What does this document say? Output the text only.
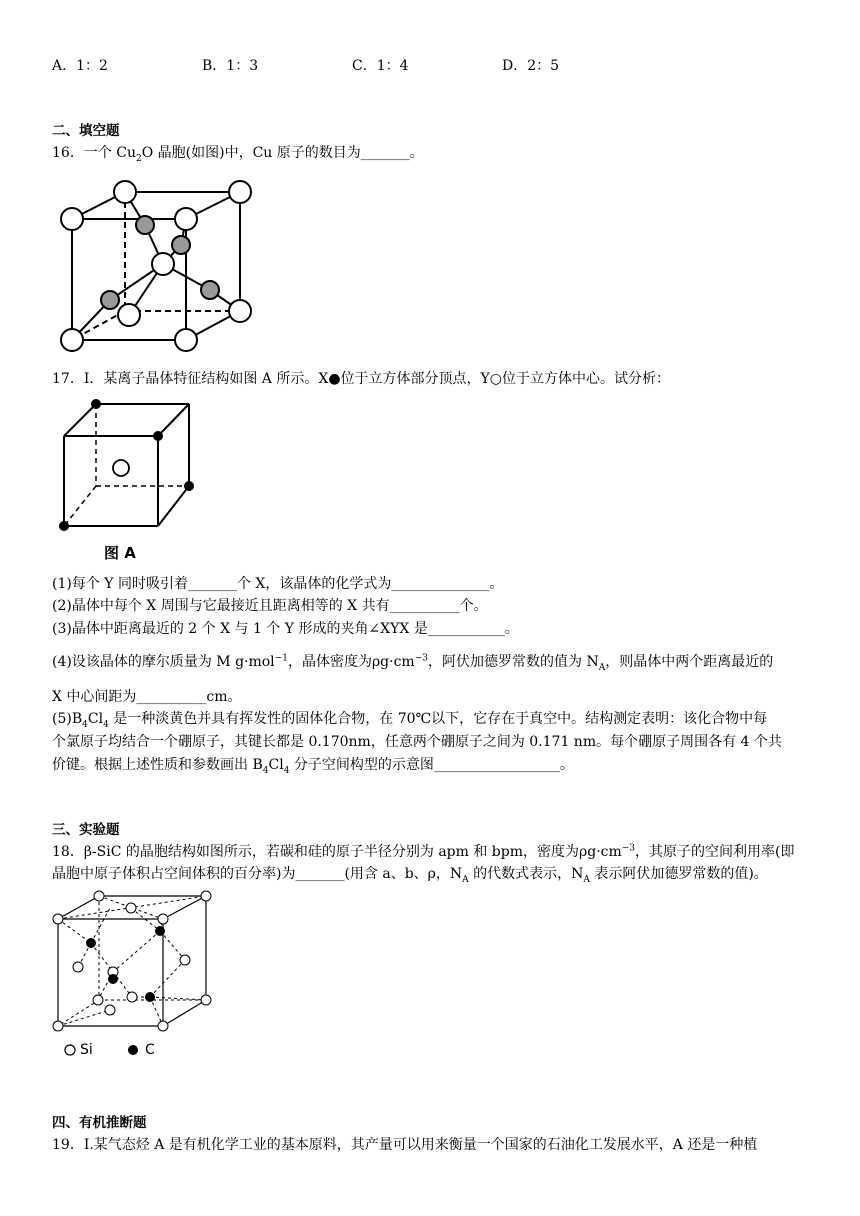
A．1：2	B．1：3	C．1：4	D．2：5
二、填空题
16．一个 $Cu_2O$ 晶胞(如图)中，Cu 原子的数目为_______。
17．I．某离子晶体特征结构如图 A 所示。X●位于立方体部分顶点，Y○位于立方体中心。试分析：
图 A
(1)每个 Y 同时吸引着_______个 X，该晶体的化学式为______________。
(2)晶体中每个 X 周围与它最接近且距离相等的 X 共有__________个。
(3)晶体中距离最近的 2 个 X 与 1 个 Y 形成的夹角∠XYX 是___________。
(4)设该晶体的摩尔质量为 M g·mol$^{-1}$，晶体密度为$\rho g\cdot cm^{-3}$，阿伏加德罗常数的值为 $N_A$，则晶体中两个距离最近的
X 中心间距为__________cm。
$(5)B_4Cl_4$ 是一种淡黄色并具有挥发性的固体化合物，在 70℃以下，它存在于真空中。结构测定表明：该化合物中每
个氯原子均结合一个硼原子，其键长都是 0.170nm，任意两个硼原子之间为 0.171 nm。每个硼原子周围各有 4 个共
价键。根据上述性质和参数画出 $B_4Cl_4$ 分子空间构型的示意图__________________。
三、实验题
18．β-SiC 的晶胞结构如图所示，若碳和硅的原子半径分别为 apm 和 bpm，密度为$\rho g\cdot cm^{-3}$，其原子的空间利用率(即
晶胞中原子体积占空间体积的百分率)为_______(用含 a、b、ρ，$N_A$ 的代数式表示，$N_A$ 表示阿伏加德罗常数的值)。
Si	C
四、有机推断题
19．I.某气态烃 A 是有机化学工业的基本原料，其产量可以用来衡量一个国家的石油化工发展水平，A 还是一种植
